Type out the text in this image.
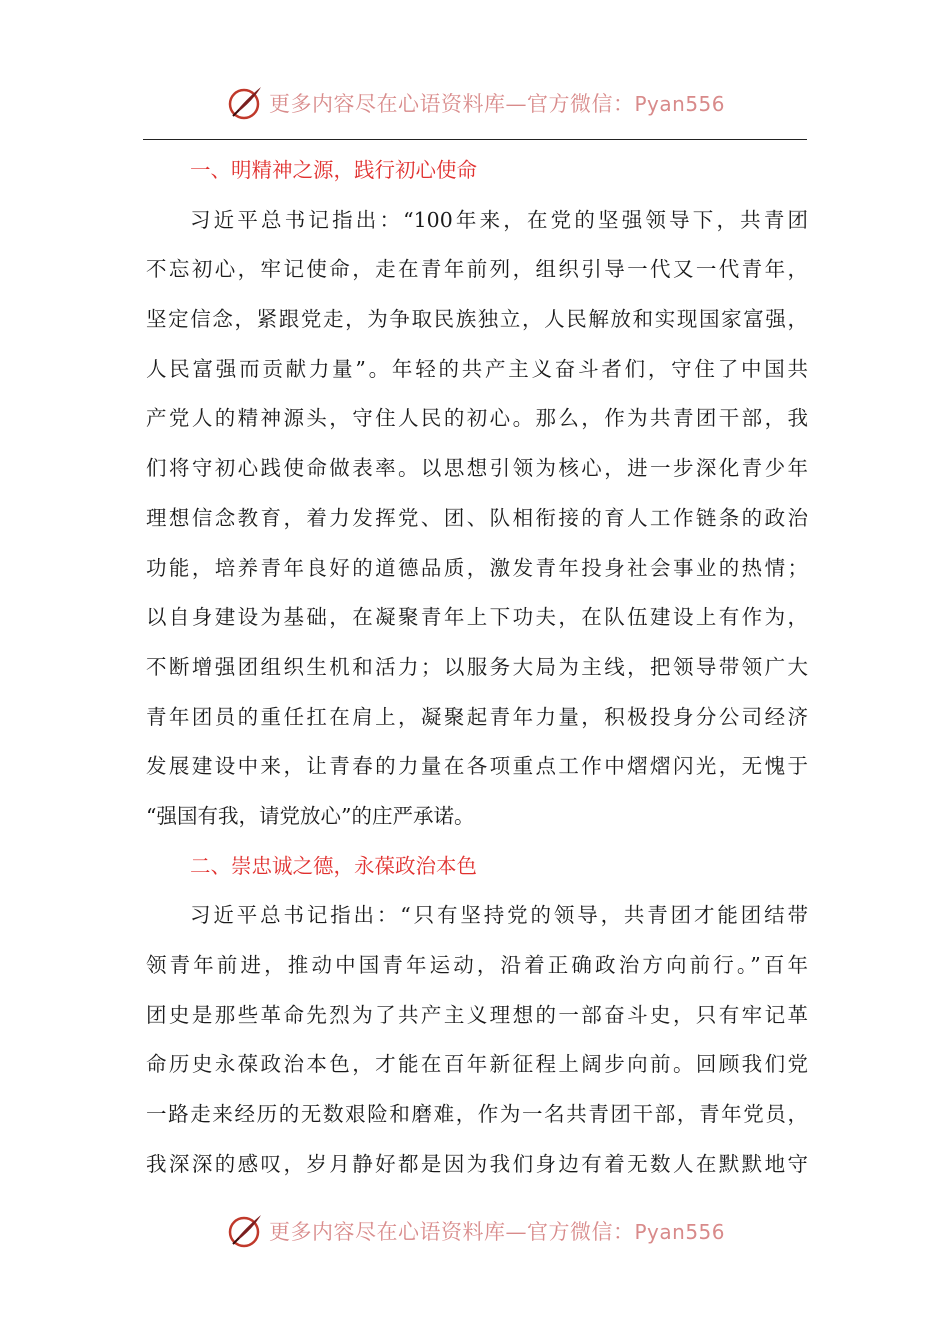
更多内容尽在心语资料库—官方微信：Pyan556
一、明精神之源，践行初心使命
习近平总书记指出：“100年来，在党的坚强领导下，共青团
不忘初心，牢记使命，走在青年前列，组织引导一代又一代青年，
坚定信念，紧跟党走，为争取民族独立，人民解放和实现国家富强，
人民富强而贡献力量”。年轻的共产主义奋斗者们，守住了中国共
产党人的精神源头，守住人民的初心。那么，作为共青团干部，我
们将守初心践使命做表率。以思想引领为核心，进一步深化青少年
理想信念教育，着力发挥党、团、队相衔接的育人工作链条的政治
功能，培养青年良好的道德品质，激发青年投身社会事业的热情；
以自身建设为基础，在凝聚青年上下功夫，在队伍建设上有作为，
不断增强团组织生机和活力；以服务大局为主线，把领导带领广大
青年团员的重任扛在肩上，凝聚起青年力量，积极投身分公司经济
发展建设中来，让青春的力量在各项重点工作中熠熠闪光，无愧于
“强国有我，请党放心”的庄严承诺。
二、崇忠诚之德，永葆政治本色
习近平总书记指出：“只有坚持党的领导，共青团才能团结带
领青年前进，推动中国青年运动，沿着正确政治方向前行。”百年
团史是那些革命先烈为了共产主义理想的一部奋斗史，只有牢记革
命历史永葆政治本色，才能在百年新征程上阔步向前。回顾我们党
一路走来经历的无数艰险和磨难，作为一名共青团干部，青年党员，
我深深的感叹，岁月静好都是因为我们身边有着无数人在默默地守
更多内容尽在心语资料库—官方微信：Pyan556
